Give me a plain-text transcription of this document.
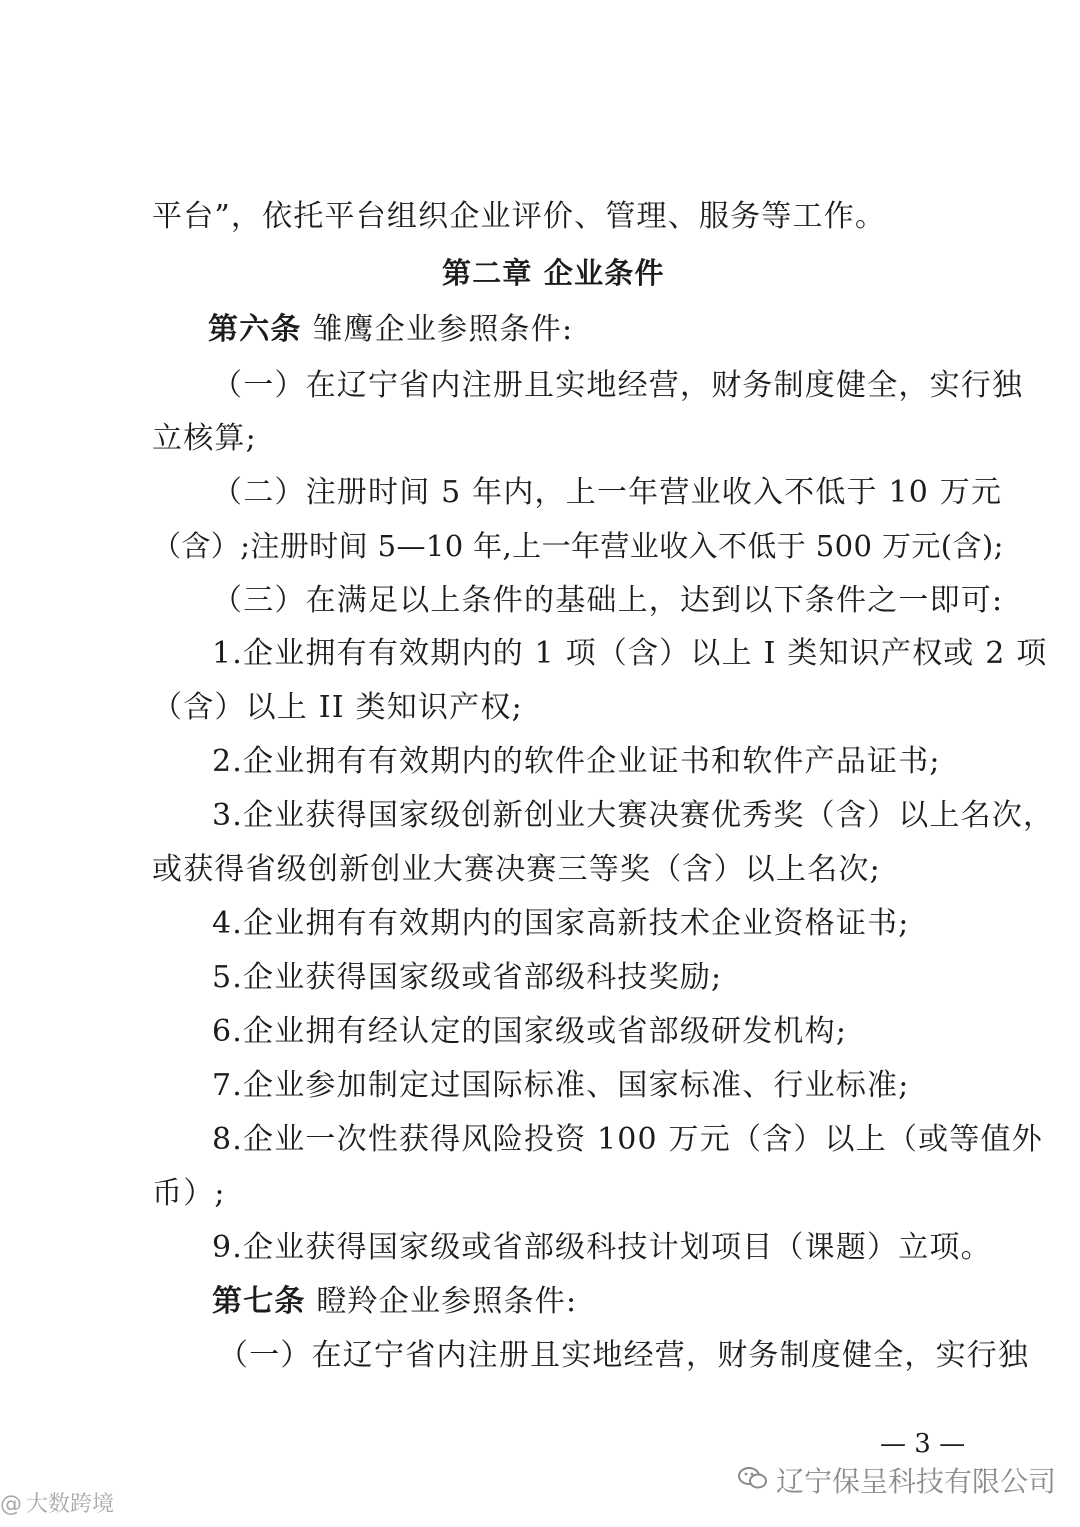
平台”，依托平台组织企业评价、管理、服务等工作。
第二章 企业条件
第六条 雏鹰企业参照条件:
（一）在辽宁省内注册且实地经营，财务制度健全，实行独
立核算;
（二）注册时间 5 年内，上一年营业收入不低于 10 万元
（含）;注册时间 5—10 年,上一年营业收入不低于 500 万元(含);
（三）在满足以上条件的基础上，达到以下条件之一即可:
1.企业拥有有效期内的 1 项（含）以上 I 类知识产权或 2 项
（含）以上 II 类知识产权;
2.企业拥有有效期内的软件企业证书和软件产品证书;
3.企业获得国家级创新创业大赛决赛优秀奖（含）以上名次，
或获得省级创新创业大赛决赛三等奖（含）以上名次;
4.企业拥有有效期内的国家高新技术企业资格证书;
5.企业获得国家级或省部级科技奖励;
6.企业拥有经认定的国家级或省部级研发机构;
7.企业参加制定过国际标准、国家标准、行业标准;
8.企业一次性获得风险投资 100 万元（含）以上（或等值外
币）;
9.企业获得国家级或省部级科技计划项目（课题）立项。
第七条 瞪羚企业参照条件:
（一）在辽宁省内注册且实地经营，财务制度健全，实行独
— 3 —
辽宁保呈科技有限公司
@ 大数跨境
